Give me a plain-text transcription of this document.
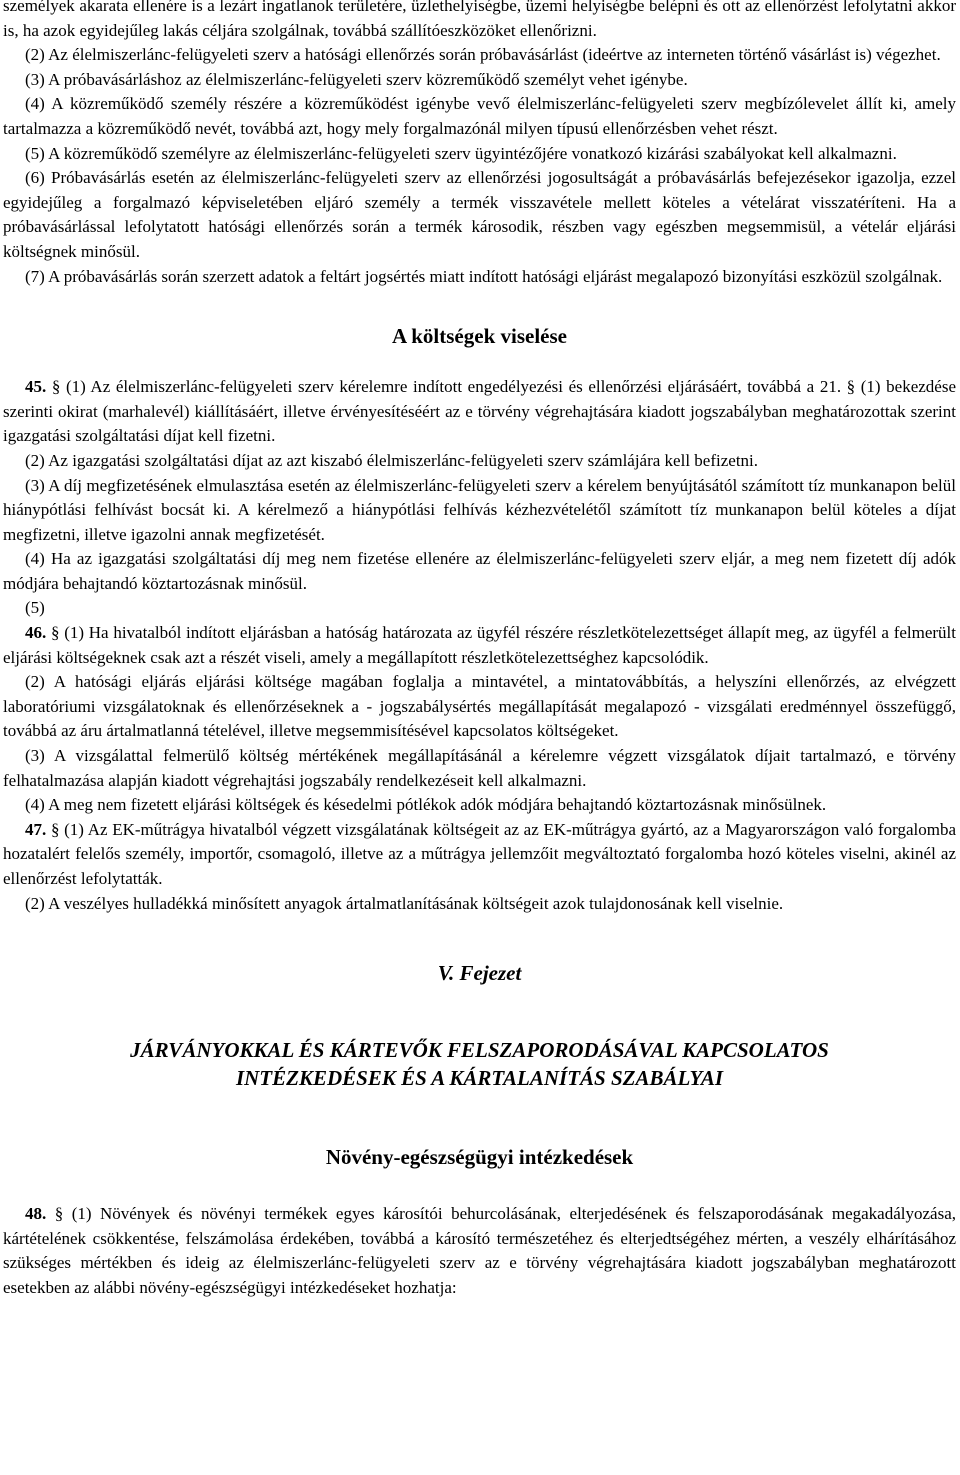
személyek akarata ellenére is a lezárt ingatlanok területére, üzlethelyiségbe, üzemi helyiségbe belépni és ott az ellenőrzést lefolytatni akkor is, ha azok egyidejűleg lakás céljára szolgálnak, továbbá szállítóeszközöket ellenőrizni.

(2) Az élelmiszerlánc-felügyeleti szerv a hatósági ellenőrzés során próbavásárlást (ideértve az interneten történő vásárlást is) végezhet.

(3) A próbavásárláshoz az élelmiszerlánc-felügyeleti szerv közreműködő személyt vehet igénybe.

(4) A közreműködő személy részére a közreműködést igénybe vevő élelmiszerlánc-felügyeleti szerv megbízólevelet állít ki, amely tartalmazza a közreműködő nevét, továbbá azt, hogy mely forgalmazónál milyen típusú ellenőrzésben vehet részt.

(5) A közreműködő személyre az élelmiszerlánc-felügyeleti szerv ügyintézőjére vonatkozó kizárási szabályokat kell alkalmazni.

(6) Próbavásárlás esetén az élelmiszerlánc-felügyeleti szerv az ellenőrzési jogosultságát a próbavásárlás befejezésekor igazolja, ezzel egyidejűleg a forgalmazó képviseletében eljáró személy a termék visszavétele mellett köteles a vételárat visszatéríteni. Ha a próbavásárlással lefolytatott hatósági ellenőrzés során a termék károsodik, részben vagy egészben megsemmisül, a vételár eljárási költségnek minősül.

(7) A próbavásárlás során szerzett adatok a feltárt jogsértés miatt indított hatósági eljárást megalapozó bizonyítási eszközül szolgálnak.

A költségek viselése

45. § (1) Az élelmiszerlánc-felügyeleti szerv kérelemre indított engedélyezési és ellenőrzési eljárásáért, továbbá a 21. § (1) bekezdése szerinti okirat (marhalevél) kiállításáért, illetve érvényesítéséért az e törvény végrehajtására kiadott jogszabályban meghatározottak szerint igazgatási szolgáltatási díjat kell fizetni.

(2) Az igazgatási szolgáltatási díjat az azt kiszabó élelmiszerlánc-felügyeleti szerv számlájára kell befizetni.

(3) A díj megfizetésének elmulasztása esetén az élelmiszerlánc-felügyeleti szerv a kérelem benyújtásától számított tíz munkanapon belül hiánypótlási felhívást bocsát ki. A kérelmező a hiánypótlási felhívás kézhezvételétől számított tíz munkanapon belül köteles a díjat megfizetni, illetve igazolni annak megfizetését.

(4) Ha az igazgatási szolgáltatási díj meg nem fizetése ellenére az élelmiszerlánc-felügyeleti szerv eljár, a meg nem fizetett díj adók módjára behajtandó köztartozásnak minősül.

(5)

46. § (1) Ha hivatalból indított eljárásban a hatóság határozata az ügyfél részére részletkötelezettséget állapít meg, az ügyfél a felmerült eljárási költségeknek csak azt a részét viseli, amely a megállapított részletkötelezettséghez kapcsolódik.

(2) A hatósági eljárás eljárási költsége magában foglalja a mintavétel, a mintatovábbítás, a helyszíni ellenőrzés, az elvégzett laboratóriumi vizsgálatoknak és ellenőrzéseknek a - jogszabálysértés megállapítását megalapozó - vizsgálati eredménnyel összefüggő, továbbá az áru ártalmatlanná tételével, illetve megsemmisítésével kapcsolatos költségeket.

(3) A vizsgálattal felmerülő költség mértékének megállapításánál a kérelemre végzett vizsgálatok díjait tartalmazó, e törvény felhatalmazása alapján kiadott végrehajtási jogszabály rendelkezéseit kell alkalmazni.

(4) A meg nem fizetett eljárási költségek és késedelmi pótlékok adók módjára behajtandó köztartozásnak minősülnek.

47. § (1) Az EK-műtrágya hivatalból végzett vizsgálatának költségeit az az EK-műtrágya gyártó, az a Magyarországon való forgalomba hozatalért felelős személy, importőr, csomagoló, illetve az a műtrágya jellemzőit megváltoztató forgalomba hozó köteles viselni, akinél az ellenőrzést lefolytatták.

(2) A veszélyes hulladékká minősített anyagok ártalmatlanításának költségeit azok tulajdonosának kell viselnie.

V. Fejezet
JÁRVÁNYOKKAL ÉS KÁRTEVŐK FELSZAPORODÁSÁVAL KAPCSOLATOS
INTÉZKEDÉSEK ÉS A KÁRTALANÍTÁS SZABÁLYAI
Növény-egészségügyi intézkedések

48. § (1) Növények és növényi termékek egyes károsítói behurcolásának, elterjedésének és felszaporodásának megakadályozása, kártételének csökkentése, felszámolása érdekében, továbbá a károsító természetéhez és elterjedtségéhez mérten, a veszély elhárításához szükséges mértékben és ideig az élelmiszerlánc-felügyeleti szerv az e törvény végrehajtására kiadott jogszabályban meghatározott esetekben az alábbi növény-egészségügyi intézkedéseket hozhatja:
